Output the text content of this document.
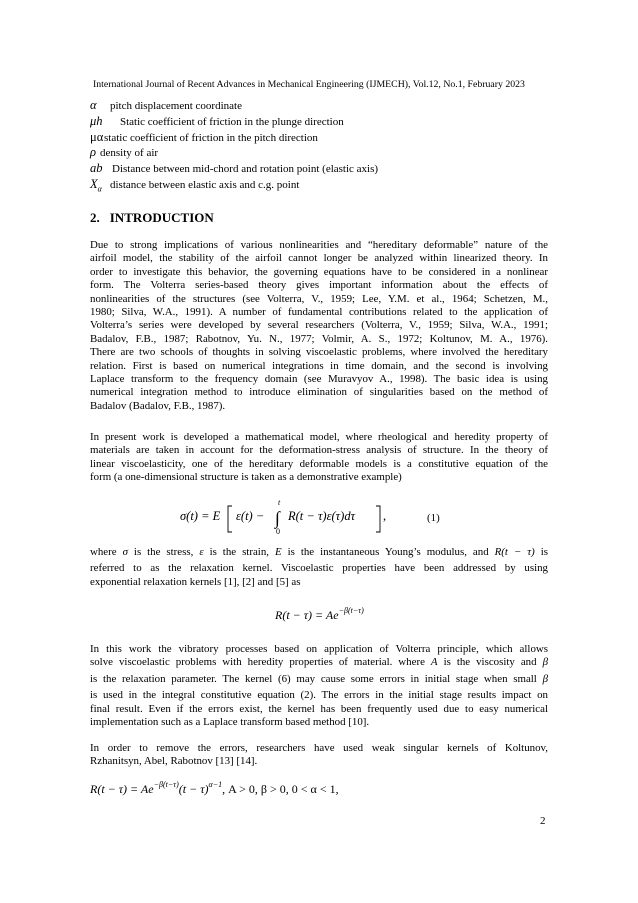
International Journal of Recent Advances in Mechanical Engineering (IJMECH), Vol.12, No.1, February 2023
α pitch displacement coordinate
μh Static coefficient of friction in the plunge direction
μαstatic coefficient of friction in the pitch direction
ρ density of air
ab Distance between mid-chord and rotation point (elastic axis)
$X_\alpha$ distance between elastic axis and c.g. point
2. INTRODUCTION
Due to strong implications of various nonlinearities and “hereditary deformable” nature of the
airfoil model, the stability of the airfoil cannot longer be analyzed within linearized theory. In
order to investigate this behavior, the governing equations have to be considered in a nonlinear
form. The Volterra series-based theory gives important information about the effects of
nonlinearities of the structures (see Volterra, V., 1959; Lee, Y.M. et al., 1964; Schetzen, M.,
1980; Silva, W.A., 1991). A number of fundamental contributions related to the application of
Volterra’s series were developed by several researchers (Volterra, V., 1959; Silva, W.A., 1991;
Badalov, F.B., 1987; Rabotnov, Yu. N., 1977; Volmir, A. S., 1972; Koltunov, M. A., 1976).
There are two schools of thoughts in solving viscoelastic problems, where involved the hereditary
relation. First is based on numerical integrations in time domain, and the second is involving
Laplace transform to the frequency domain (see Muravyov A., 1998). The basic idea is using
numerical integration method to introduce elimination of singularities based on the method of
Badalov (Badalov, F.B., 1987).
In present work is developed a mathematical model, where rheological and heredity property of
materials are taken in account for the deformation-stress analysis of structure. In the theory of
linear viscoelasticity, one of the hereditary deformable models is a constitutive equation of the
form (a one-dimensional structure is taken as a demonstrative example)
σ(t) = E ε(t) − ∫
t
0
R(t − τ)ε(τ)dτ ,	(1)
where σ is the stress, ε is the strain, E is the instantaneous Young’s modulus, and R(t − τ) is
referred to as the relaxation kernel. Viscoelastic properties have been addressed by using
exponential relaxation kernels [1], [2] and [5] as
$R(t - \tau) = Ae^{-\beta(t-\tau)}$
In this work the vibratory processes based on application of Volterra principle, which allows
solve viscoelastic problems with heredity properties of material. where A is the viscosity and β
is the relaxation parameter. The kernel (6) may cause some errors in initial stage when small β
is used in the integral constitutive equation (2). The errors in the initial stage results impact on
final result. Even if the errors exist, the kernel has been frequently used due to easy numerical
implementation such as a Laplace transform based method [10].
In order to remove the errors, researchers have used weak singular kernels of Koltunov,
Rzhanitsyn, Abel, Rabotnov [13] [14].
$R(t - \tau) = Ae^{-\beta(t-\tau)}(t - \tau)^{\alpha-1}$, A > 0, β > 0, 0 < α < 1,
2
